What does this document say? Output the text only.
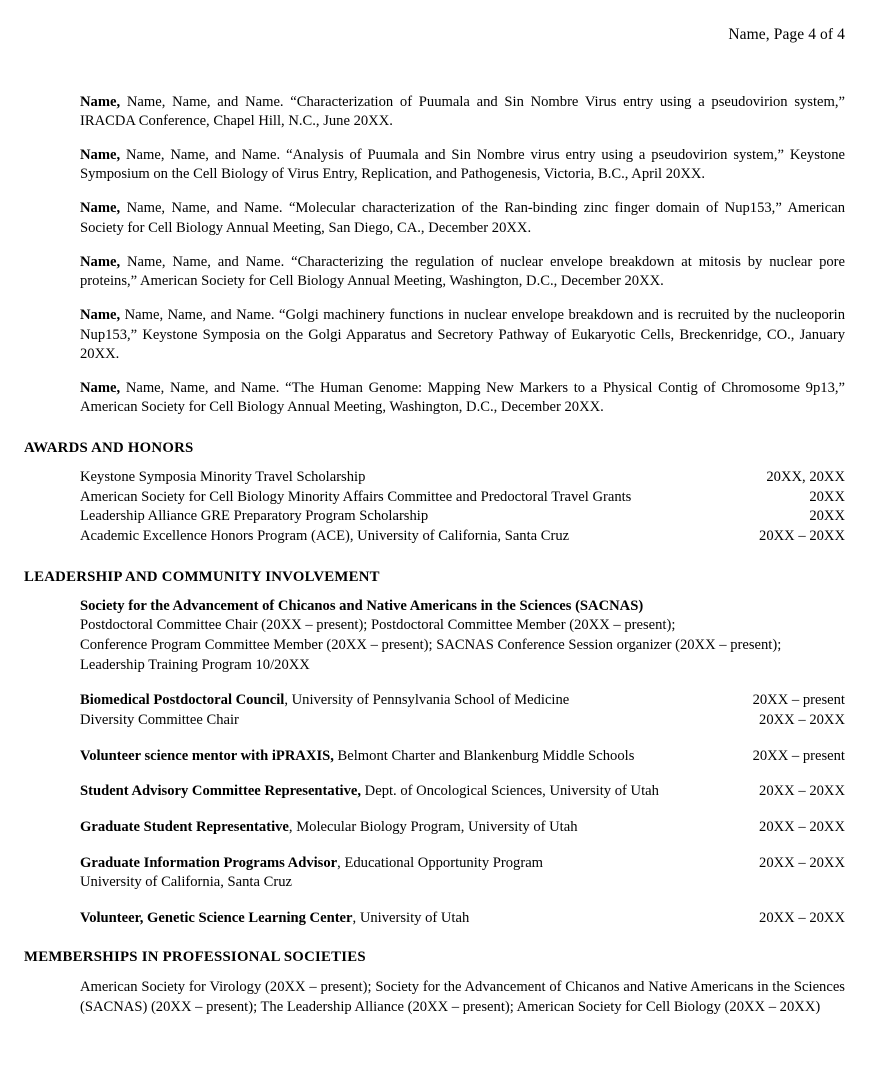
Name, Page 4 of 4

Name, Name, Name, and Name. “Characterization of Puumala and Sin Nombre Virus entry using a pseudovirion system,” IRACDA Conference, Chapel Hill, N.C., June 20XX.

Name, Name, Name, and Name. “Analysis of Puumala and Sin Nombre virus entry using a pseudovirion system,” Keystone Symposium on the Cell Biology of Virus Entry, Replication, and Pathogenesis, Victoria, B.C., April 20XX.

Name, Name, Name, and Name. “Molecular characterization of the Ran-binding zinc finger domain of Nup153,” American Society for Cell Biology Annual Meeting, San Diego, CA., December 20XX.

Name, Name, Name, and Name. “Characterizing the regulation of nuclear envelope breakdown at mitosis by nuclear pore proteins,” American Society for Cell Biology Annual Meeting, Washington, D.C., December 20XX.

Name, Name, Name, and Name. “Golgi machinery functions in nuclear envelope breakdown and is recruited by the nucleoporin Nup153,” Keystone Symposia on the Golgi Apparatus and Secretory Pathway of Eukaryotic Cells, Breckenridge, CO., January 20XX.

Name, Name, Name, and Name. “The Human Genome: Mapping New Markers to a Physical Contig of Chromosome 9p13,” American Society for Cell Biology Annual Meeting, Washington, D.C., December 20XX.

AWARDS AND HONORS
Keystone Symposia Minority Travel Scholarship	20XX, 20XX
American Society for Cell Biology Minority Affairs Committee and Predoctoral Travel Grants	20XX
Leadership Alliance GRE Preparatory Program Scholarship	20XX
Academic Excellence Honors Program (ACE), University of California, Santa Cruz	20XX – 20XX
LEADERSHIP AND COMMUNITY INVOLVEMENT
Society for the Advancement of Chicanos and Native Americans in the Sciences (SACNAS)
Postdoctoral Committee Chair (20XX – present); Postdoctoral Committee Member (20XX – present);
Conference Program Committee Member (20XX – present); SACNAS Conference Session organizer (20XX – present);
Leadership Training Program 10/20XX
Biomedical Postdoctoral Council, University of Pennsylvania School of Medicine	20XX – present
Diversity Committee Chair	20XX – 20XX
Volunteer science mentor with iPRAXIS, Belmont Charter and Blankenburg Middle Schools	20XX – present
Student Advisory Committee Representative, Dept. of Oncological Sciences, University of Utah	20XX – 20XX
Graduate Student Representative, Molecular Biology Program, University of Utah	20XX – 20XX
Graduate Information Programs Advisor, Educational Opportunity Program	20XX – 20XX
University of California, Santa Cruz
Volunteer, Genetic Science Learning Center, University of Utah	20XX – 20XX
MEMBERSHIPS IN PROFESSIONAL SOCIETIES
American Society for Virology (20XX – present); Society for the Advancement of Chicanos and Native Americans in the Sciences (SACNAS) (20XX – present); The Leadership Alliance (20XX – present); American Society for Cell Biology (20XX – 20XX)
